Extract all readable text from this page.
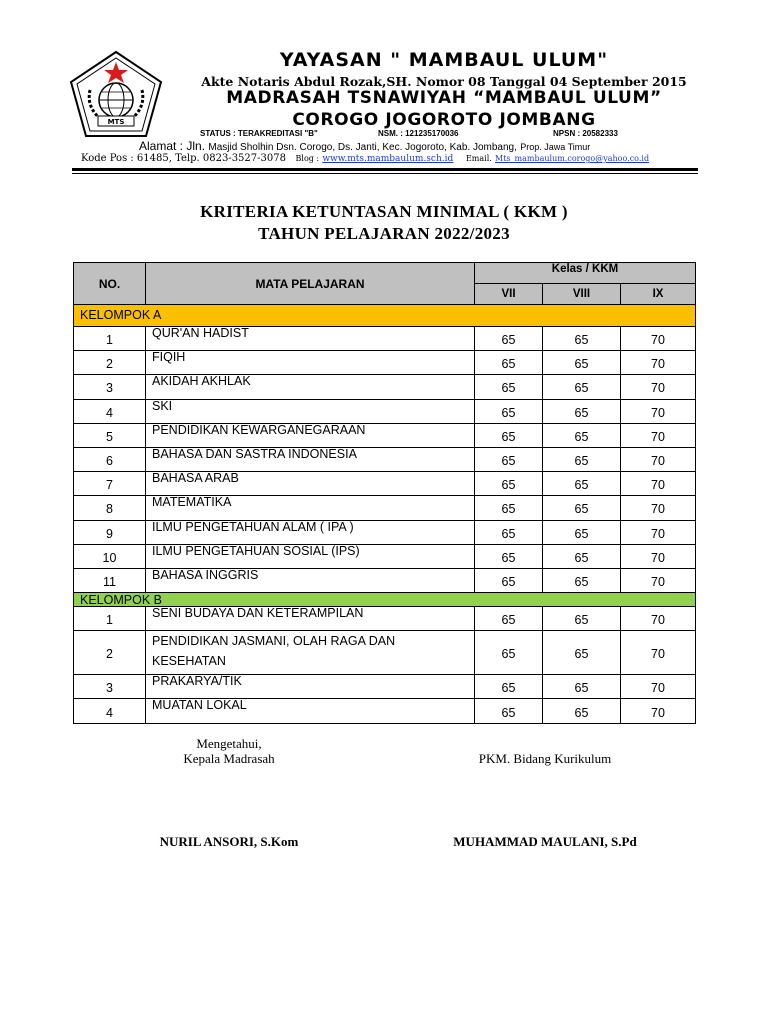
MTS
YAYASAN " MAMBAUL ULUM"
Akte Notaris Abdul Rozak,SH. Nomor 08 Tanggal 04 September 2015
MADRASAH TSNAWIYAH “MAMBAUL ULUM”
COROGO JOGOROTO JOMBANG
STATUS : TERAKREDITASI "B"	NSM. : 121235170036	NPSN : 20582333
Alamat : Jln. Masjid Sholhin Dsn. Corogo, Ds. Janti, Kec. Jogoroto, Kab. Jombang, Prop. Jawa Timur
Kode Pos : 61485, Telp. 0823-3527-3078 Blog : www.mts.mambaulum.sch.id Email. Mts_mambaulum.corogo@yahoo.co.id
KRITERIA KETUNTASAN MINIMAL ( KKM )
TAHUN PELAJARAN 2022/2023
NO.	MATA PELAJARAN	Kelas / KKM		
		VII	VIII	IX
KELOMPOK A				
1	QUR'AN HADIST	65	65	70
2	FIQIH	65	65	70
3	AKIDAH AKHLAK	65	65	70
4	SKI	65	65	70
5	PENDIDIKAN KEWARGANEGARAAN	65	65	70
6	BAHASA DAN SASTRA INDONESIA	65	65	70
7	BAHASA ARAB	65	65	70
8	MATEMATIKA	65	65	70
9	ILMU PENGETAHUAN ALAM ( IPA )	65	65	70
10	ILMU PENGETAHUAN SOSIAL (IPS)	65	65	70
11	BAHASA INGGRIS	65	65	70
KELOMPOK B				
1	SENI BUDAYA DAN KETERAMPILAN	65	65	70
2	PENDIDIKAN JASMANI, OLAH RAGA DAN
KESEHATAN	65	65	70
3	PRAKARYA/TIK	65	65	70
4	MUATAN LOKAL	65	65	70
Mengetahui,
Kepala Madrasah	PKM. Bidang Kurikulum
NURIL ANSORI, S.Kom	MUHAMMAD MAULANI, S.Pd
